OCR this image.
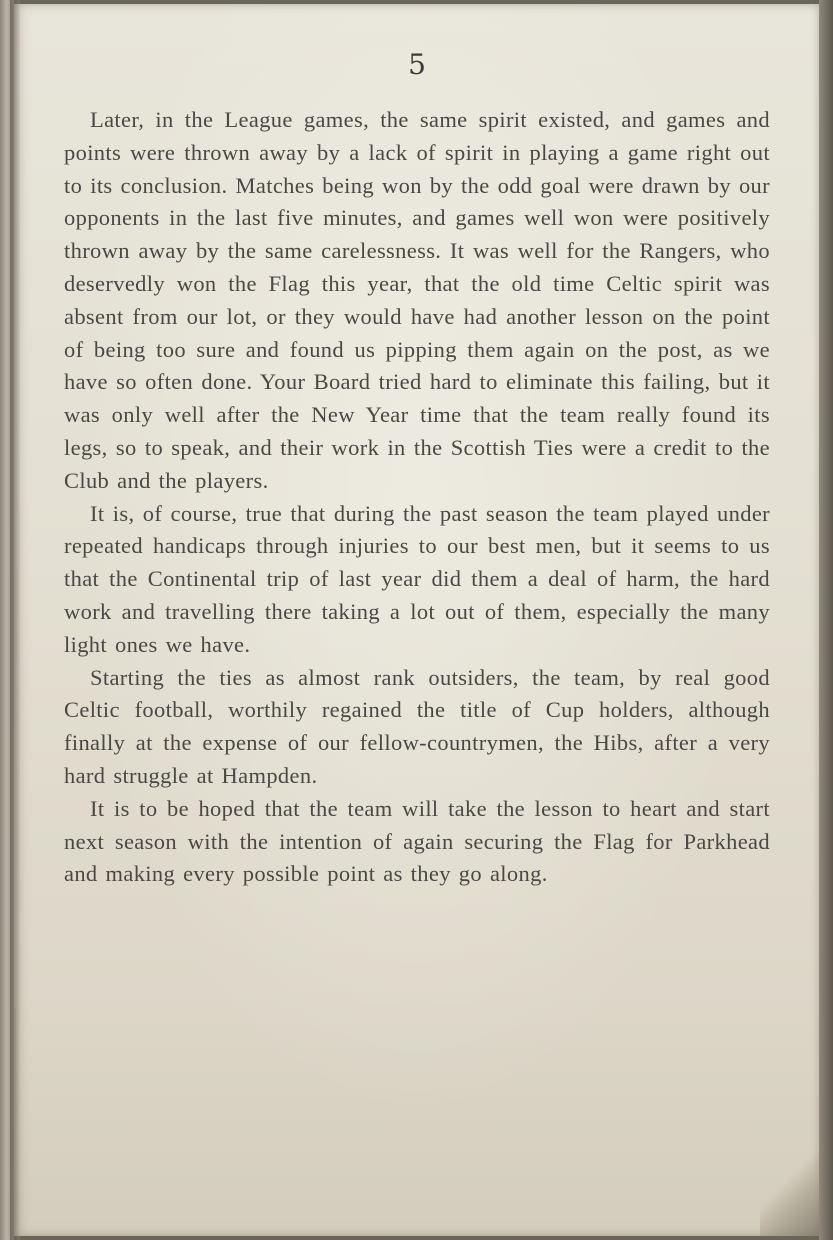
5

Later, in the League games, the same spirit existed, and games and points were thrown away by a lack of spirit in playing a game right out to its conclusion. Matches being won by the odd goal were drawn by our opponents in the last five minutes, and games well won were positively thrown away by the same carelessness. It was well for the Rangers, who deservedly won the Flag this year, that the old time Celtic spirit was absent from our lot, or they would have had another lesson on the point of being too sure and found us pipping them again on the post, as we have so often done. Your Board tried hard to eliminate this failing, but it was only well after the New Year time that the team really found its legs, so to speak, and their work in the Scottish Ties were a credit to the Club and the players.

It is, of course, true that during the past season the team played under repeated handicaps through injuries to our best men, but it seems to us that the Continental trip of last year did them a deal of harm, the hard work and travelling there taking a lot out of them, especially the many light ones we have.

Starting the ties as almost rank outsiders, the team, by real good Celtic football, worthily regained the title of Cup holders, although finally at the expense of our fellow-countrymen, the Hibs, after a very hard struggle at Hampden.

It is to be hoped that the team will take the lesson to heart and start next season with the intention of again securing the Flag for Parkhead and making every possible point as they go along.
